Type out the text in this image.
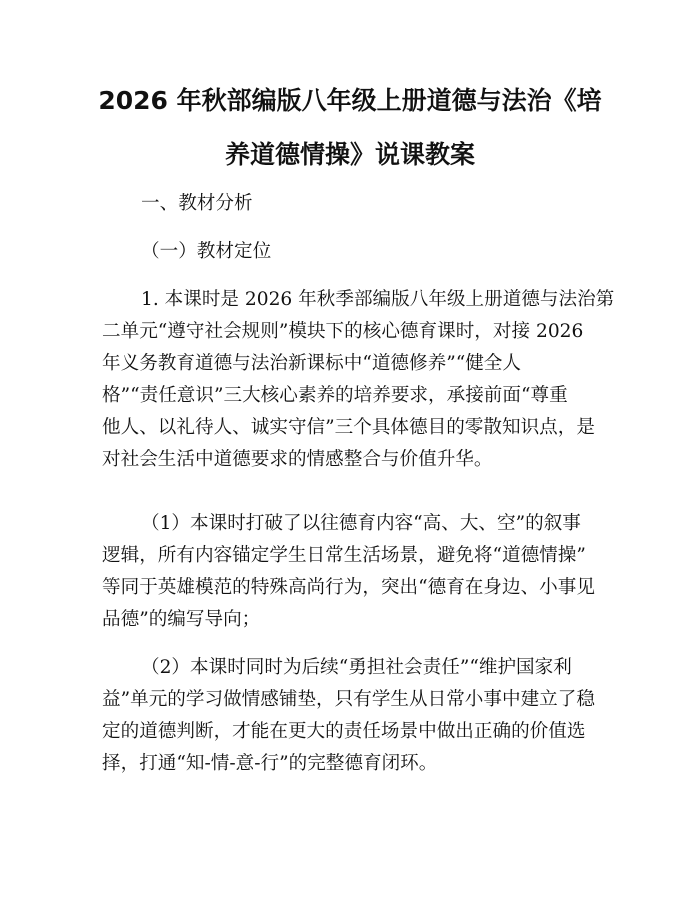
2026 年秋部编版八年级上册道德与法治《培
养道德情操》说课教案

一、教材分析

（一）教材定位

1. 本课时是 2026 年秋季部编版八年级上册道德与法治第

二单元“遵守社会规则”模块下的核心德育课时，对接 2026

年义务教育道德与法治新课标中“道德修养”“健全人

格”“责任意识”三大核心素养的培养要求，承接前面“尊重

他人、以礼待人、诚实守信”三个具体德目的零散知识点，是

对社会生活中道德要求的情感整合与价值升华。

（1）本课时打破了以往德育内容“高、大、空”的叙事

逻辑，所有内容锚定学生日常生活场景，避免将“道德情操”

等同于英雄模范的特殊高尚行为，突出“德育在身边、小事见

品德”的编写导向；

（2）本课时同时为后续“勇担社会责任”“维护国家利

益”单元的学习做情感铺垫，只有学生从日常小事中建立了稳

定的道德判断，才能在更大的责任场景中做出正确的价值选

择，打通“知-情-意-行”的完整德育闭环。
